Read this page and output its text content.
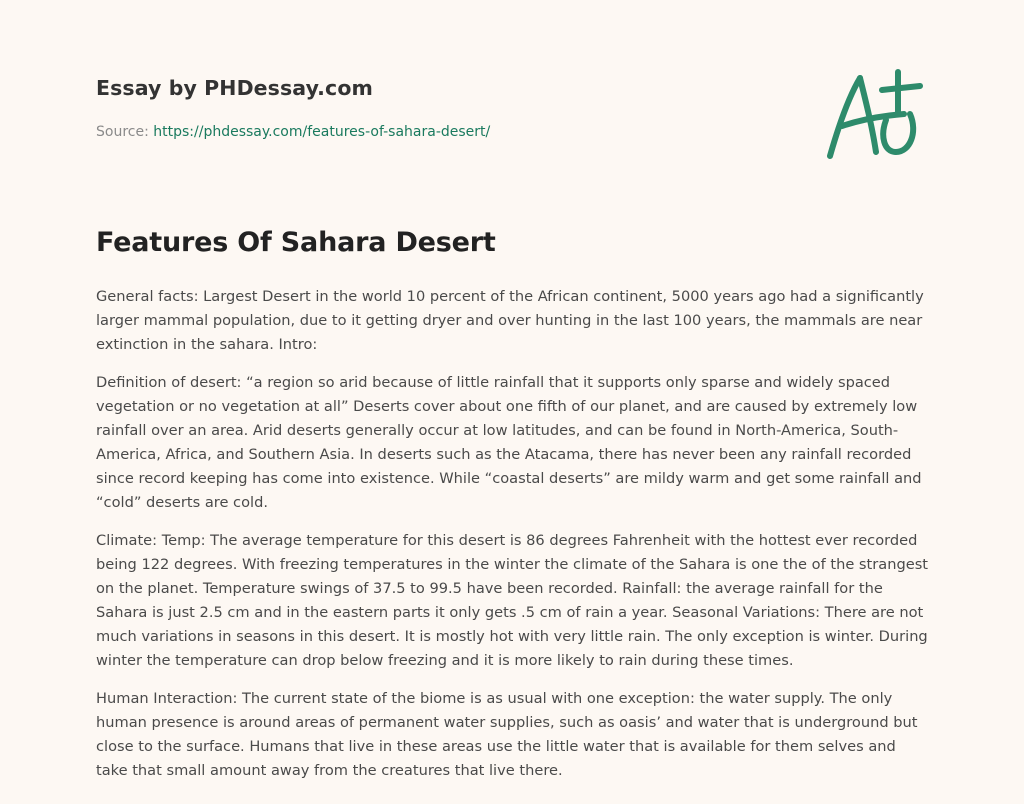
Essay by PHDessay.com
Source: https://phdessay.com/features-of-sahara-desert/
Features Of Sahara Desert

General facts: Largest Desert in the world 10 percent of the African continent, 5000 years ago had a significantly larger mammal population, due to it getting dryer and over hunting in the last 100 years, the mammals are near extinction in the sahara. Intro:

Definition of desert: “a region so arid because of little rainfall that it supports only sparse and widely spaced vegetation or no vegetation at all” Deserts cover about one fifth of our planet, and are caused by extremely low rainfall over an area. Arid deserts generally occur at low latitudes, and can be found in North-America, South-America, Africa, and Southern Asia. In deserts such as the Atacama, there has never been any rainfall recorded since record keeping has come into existence. While “coastal deserts” are mildy warm and get some rainfall and “cold” deserts are cold.

Climate: Temp: The average temperature for this desert is 86 degrees Fahrenheit with the hottest ever recorded being 122 degrees. With freezing temperatures in the winter the climate of the Sahara is one the of the strangest on the planet. Temperature swings of 37.5 to 99.5 have been recorded. Rainfall: the average rainfall for the Sahara is just 2.5 cm and in the eastern parts it only gets .5 cm of rain a year. Seasonal Variations: There are not much variations in seasons in this desert. It is mostly hot with very little rain. The only exception is winter. During winter the temperature can drop below freezing and it is more likely to rain during these times.

Human Interaction: The current state of the biome is as usual with one exception: the water supply. The only human presence is around areas of permanent water supplies, such as oasis’ and water that is underground but close to the surface. Humans that live in these areas use the little water that is available for them selves and take that small amount away from the creatures that live there.
